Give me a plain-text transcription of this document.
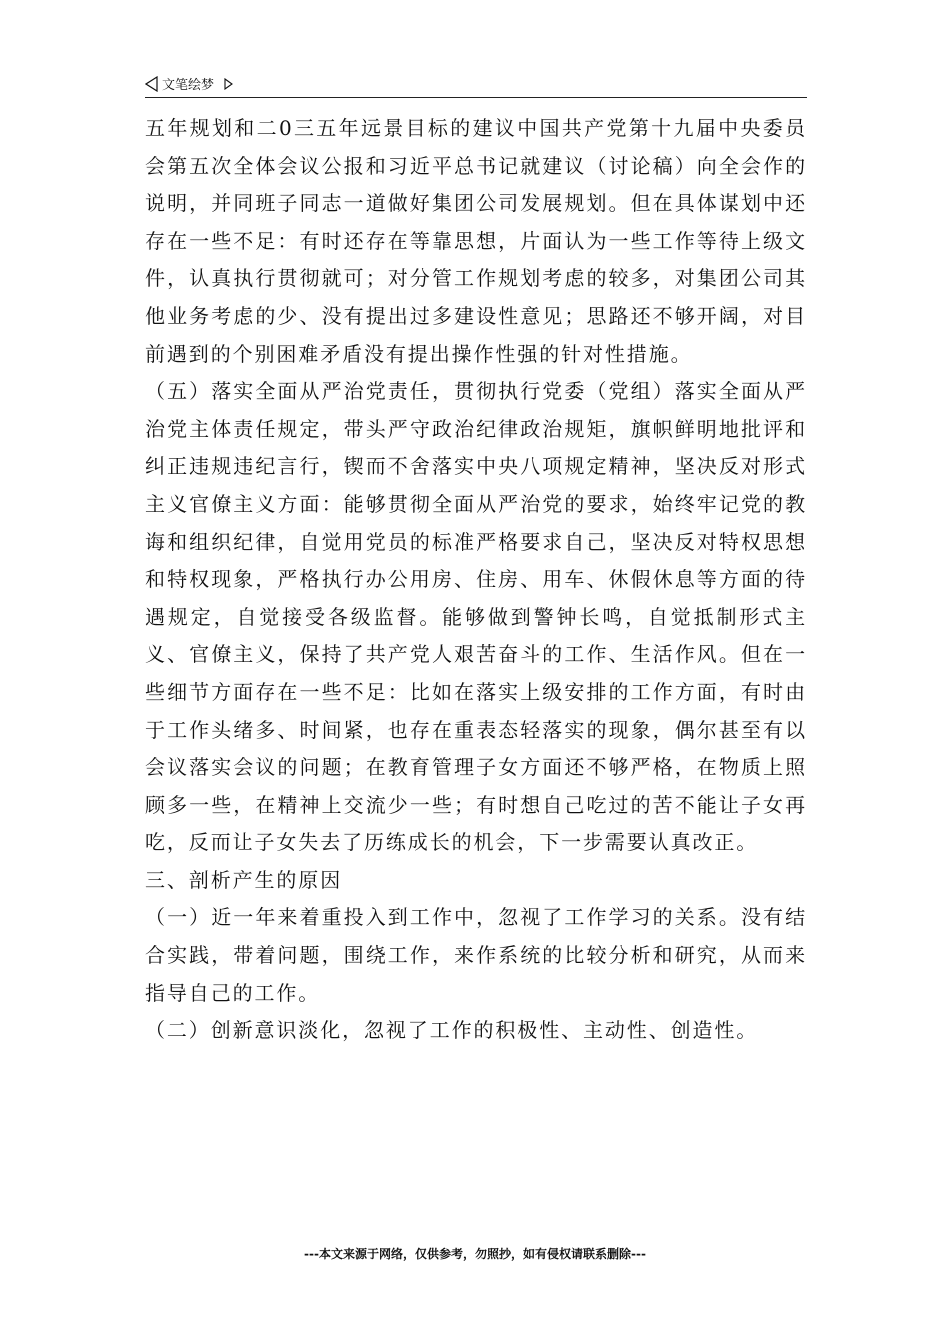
文笔绘梦

五年规划和二0三五年远景目标的建议中国共产党第十九届中央委员会第五次全体会议公报和习近平总书记就建议（讨论稿）向全会作的说明，并同班子同志一道做好集团公司发展规划。但在具体谋划中还存在一些不足：有时还存在等靠思想，片面认为一些工作等待上级文件，认真执行贯彻就可；对分管工作规划考虑的较多，对集团公司其他业务考虑的少、没有提出过多建设性意见；思路还不够开阔，对目前遇到的个别困难矛盾没有提出操作性强的针对性措施。

（五）落实全面从严治党责任，贯彻执行党委（党组）落实全面从严治党主体责任规定，带头严守政治纪律政治规矩，旗帜鲜明地批评和纠正违规违纪言行，锲而不舍落实中央八项规定精神，坚决反对形式主义官僚主义方面：能够贯彻全面从严治党的要求，始终牢记党的教诲和组织纪律，自觉用党员的标准严格要求自己，坚决反对特权思想和特权现象，严格执行办公用房、住房、用车、休假休息等方面的待遇规定，自觉接受各级监督。能够做到警钟长鸣，自觉抵制形式主义、官僚主义，保持了共产党人艰苦奋斗的工作、生活作风。但在一些细节方面存在一些不足：比如在落实上级安排的工作方面，有时由于工作头绪多、时间紧，也存在重表态轻落实的现象，偶尔甚至有以会议落实会议的问题；在教育管理子女方面还不够严格，在物质上照顾多一些，在精神上交流少一些；有时想自己吃过的苦不能让子女再吃，反而让子女失去了历练成长的机会，下一步需要认真改正。

三、剖析产生的原因

（一）近一年来着重投入到工作中，忽视了工作学习的关系。没有结合实践，带着问题，围绕工作，来作系统的比较分析和研究，从而来指导自己的工作。

（二）创新意识淡化，忽视了工作的积极性、主动性、创造性。

---本文来源于网络，仅供参考，勿照抄，如有侵权请联系删除---
